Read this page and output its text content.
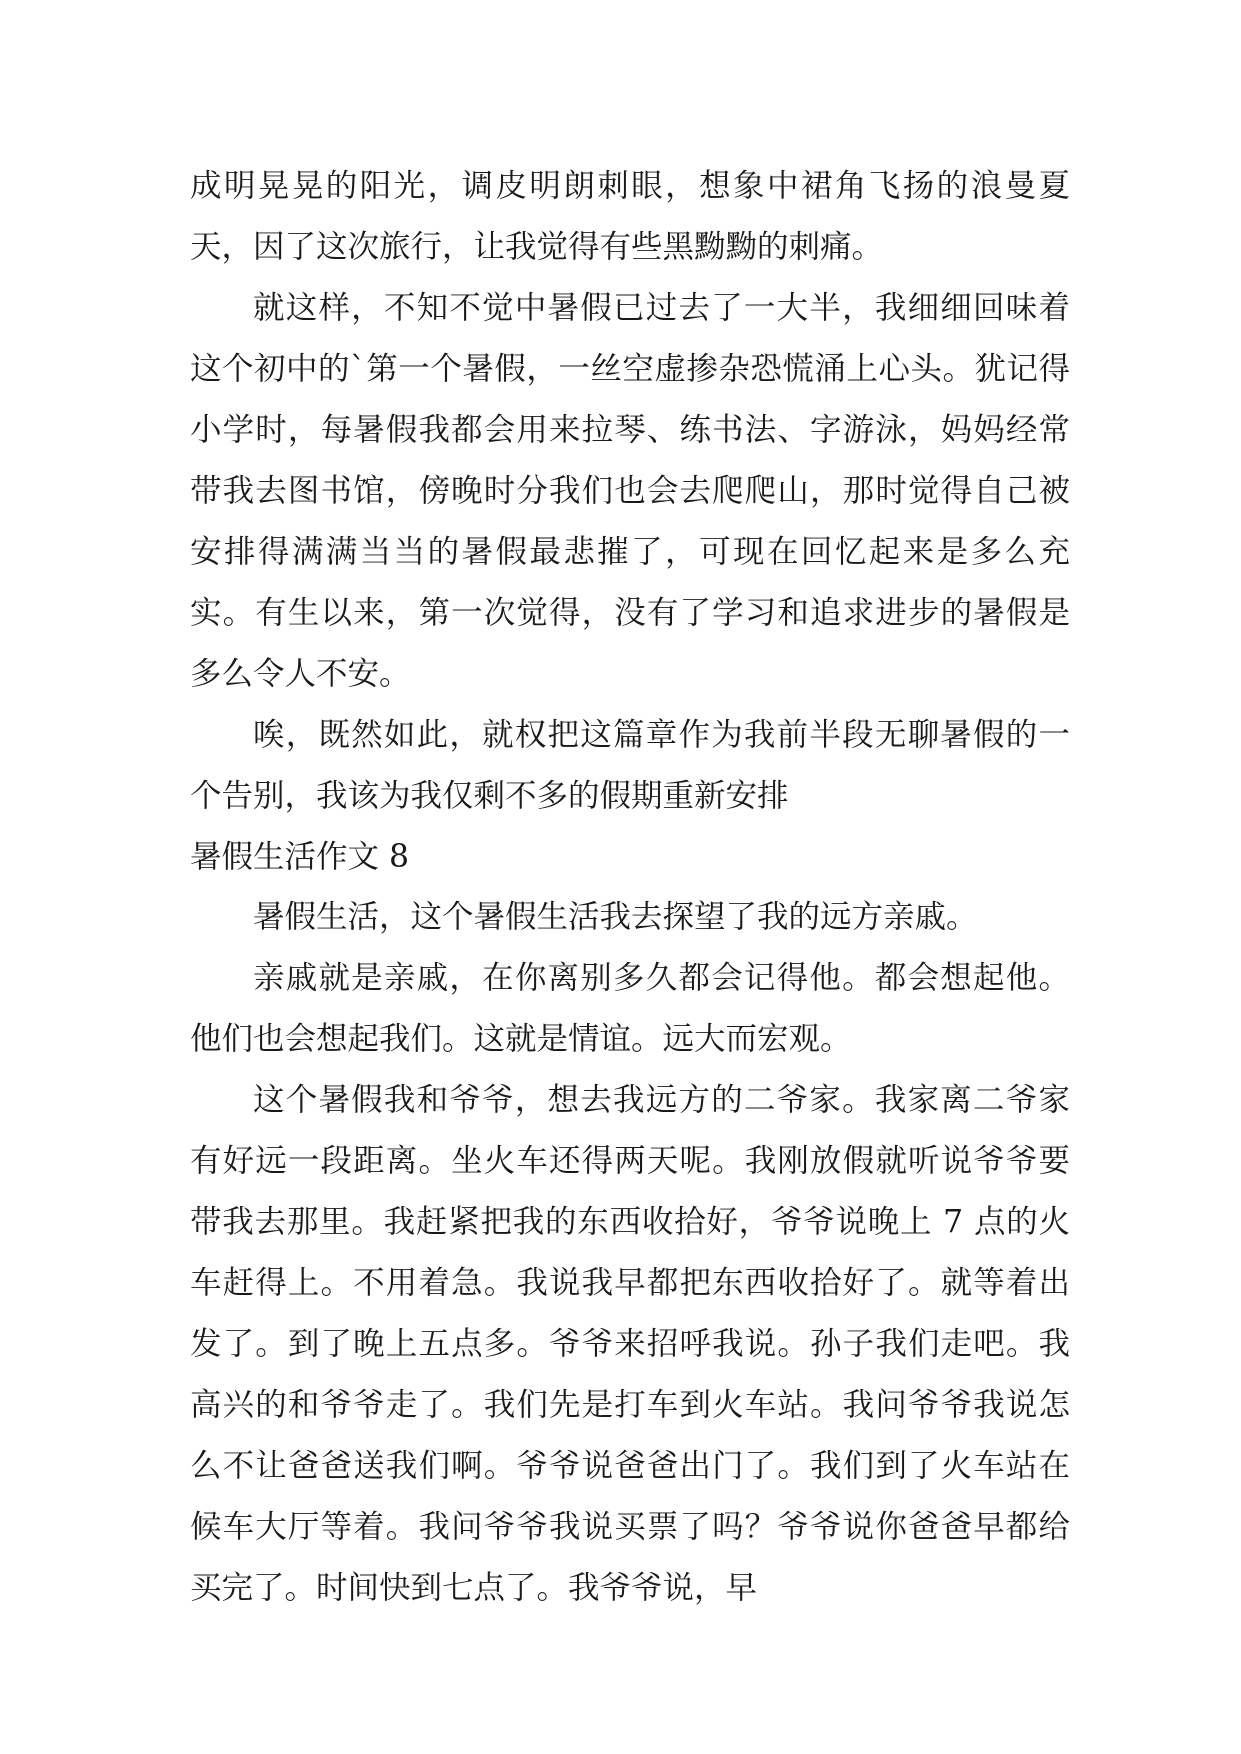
成明晃晃的阳光，调皮明朗刺眼，想象中裙角飞扬的浪曼夏天，因了这次旅行，让我觉得有些黑黝黝的刺痛。

就这样，不知不觉中暑假已过去了一大半，我细细回味着这个初中的`第一个暑假，一丝空虚掺杂恐慌涌上心头。犹记得小学时，每暑假我都会用来拉琴、练书法、字游泳，妈妈经常带我去图书馆，傍晚时分我们也会去爬爬山，那时觉得自己被安排得满满当当的暑假最悲摧了，可现在回忆起来是多么充实。有生以来，第一次觉得，没有了学习和追求进步的暑假是多么令人不安。

唉，既然如此，就权把这篇章作为我前半段无聊暑假的一个告别，我该为我仅剩不多的假期重新安排

暑假生活作文 8

暑假生活，这个暑假生活我去探望了我的远方亲戚。

亲戚就是亲戚，在你离别多久都会记得他。都会想起他。他们也会想起我们。这就是情谊。远大而宏观。

这个暑假我和爷爷，想去我远方的二爷家。我家离二爷家有好远一段距离。坐火车还得两天呢。我刚放假就听说爷爷要带我去那里。我赶紧把我的东西收拾好，爷爷说晚上 7 点的火车赶得上。不用着急。我说我早都把东西收拾好了。就等着出发了。到了晚上五点多。爷爷来招呼我说。孙子我们走吧。我高兴的和爷爷走了。我们先是打车到火车站。我问爷爷我说怎么不让爸爸送我们啊。爷爷说爸爸出门了。我们到了火车站在候车大厅等着。我问爷爷我说买票了吗？爷爷说你爸爸早都给买完了。时间快到七点了。我爷爷说，早
